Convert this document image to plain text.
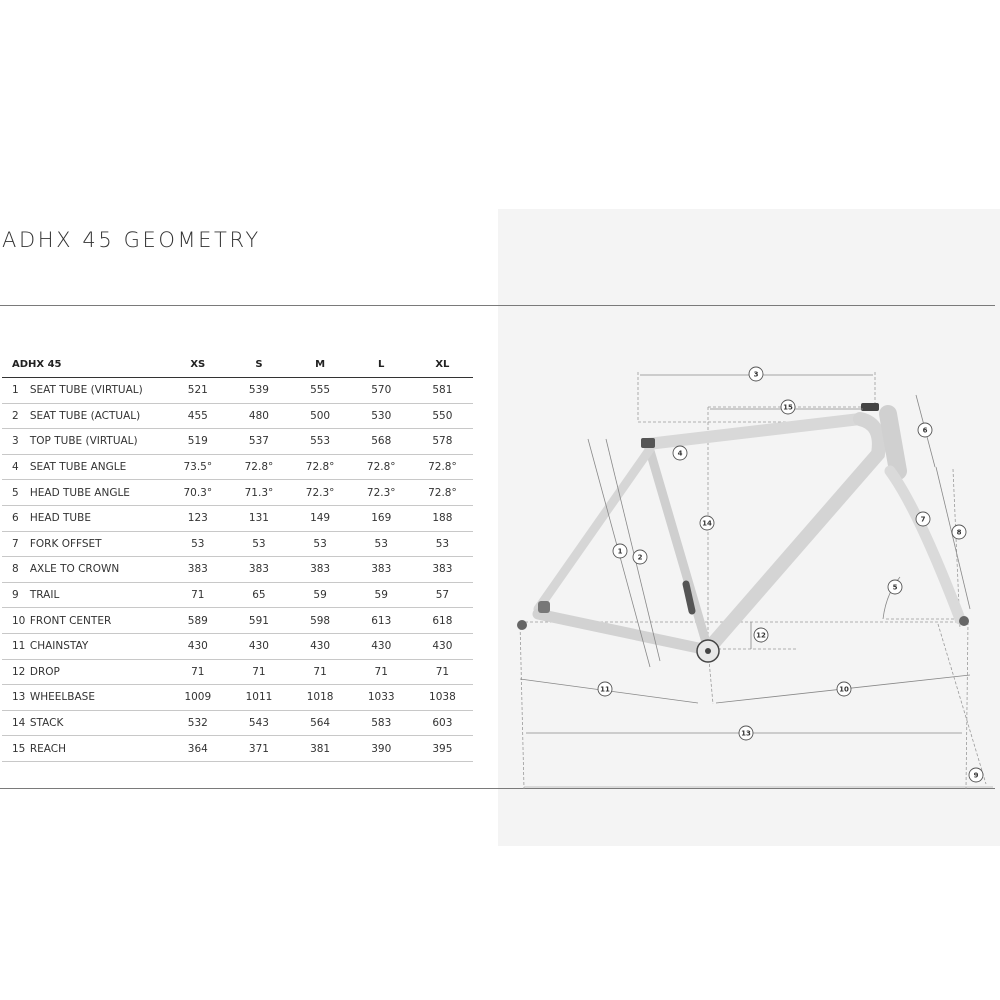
ADHX 45 GEOMETRY
ADHX 45		XS	S	M	L	XL
1	SEAT TUBE (VIRTUAL)	521	539	555	570	581
2	SEAT TUBE (ACTUAL)	455	480	500	530	550
3	TOP TUBE (VIRTUAL)	519	537	553	568	578
4	SEAT TUBE ANGLE	73.5°	72.8°	72.8°	72.8°	72.8°
5	HEAD TUBE ANGLE	70.3°	71.3°	72.3°	72.3°	72.8°
6	HEAD TUBE	123	131	149	169	188
7	FORK OFFSET	53	53	53	53	53
8	AXLE TO CROWN	383	383	383	383	383
9	TRAIL	71	65	59	59	57
10	FRONT CENTER	589	591	598	613	618
11	CHAINSTAY	430	430	430	430	430
12	DROP	71	71	71	71	71
13	WHEELBASE	1009	1011	1018	1033	1038
14	STACK	532	543	564	583	603
15	REACH	364	371	381	390	395
1
2
3
4
5
6
7
8
9
10
11
12
13
14
15
